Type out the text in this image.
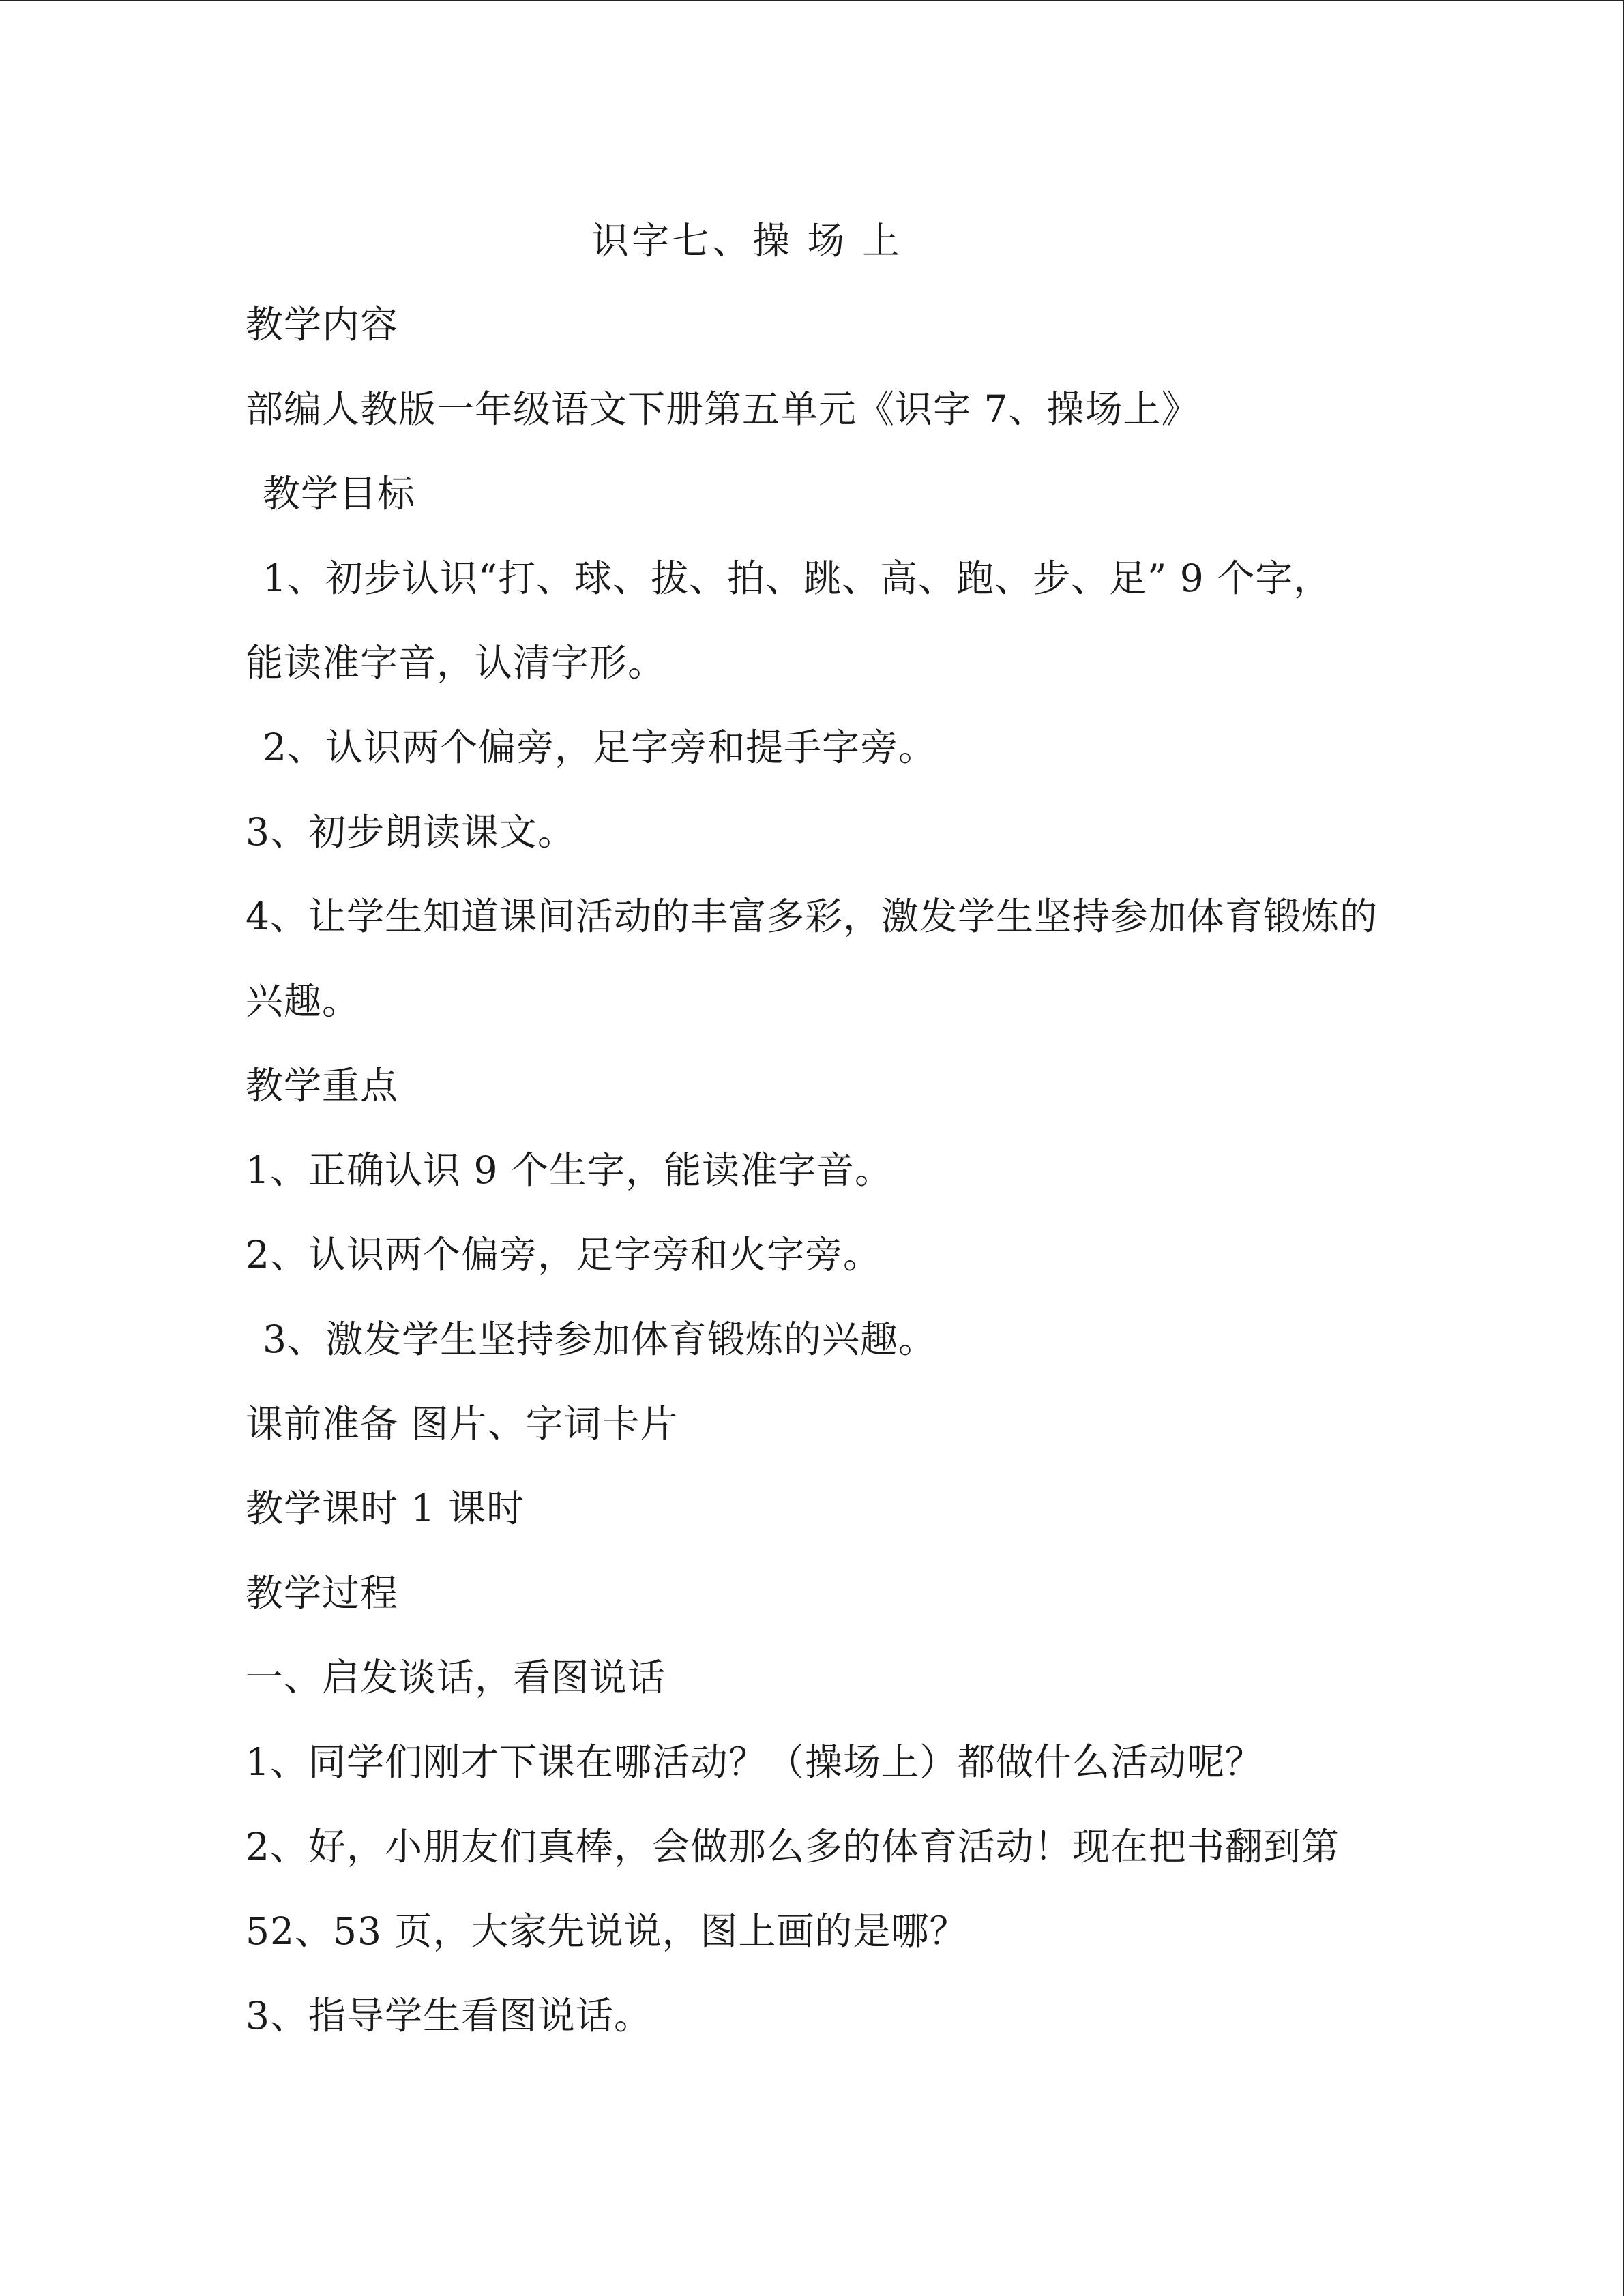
识字七、操 场 上
教学内容
部编人教版一年级语文下册第五单元《识字 7、操场上》
教学目标
1、初步认识“打、球、拔、拍、跳、高、跑、步、足” 9 个字，
能读准字音，认清字形。
2、认识两个偏旁，足字旁和提手字旁。
3、初步朗读课文。
4、让学生知道课间活动的丰富多彩，激发学生坚持参加体育锻炼的
兴趣。
教学重点
1、正确认识 9 个生字，能读准字音。
2、认识两个偏旁，足字旁和火字旁。
3、激发学生坚持参加体育锻炼的兴趣。
课前准备 图片、字词卡片
教学课时 1 课时
教学过程
一、启发谈话，看图说话
1、同学们刚才下课在哪活动？（操场上）都做什么活动呢？
2、好，小朋友们真棒，会做那么多的体育活动！现在把书翻到第
52、53 页，大家先说说，图上画的是哪？
3、指导学生看图说话。
